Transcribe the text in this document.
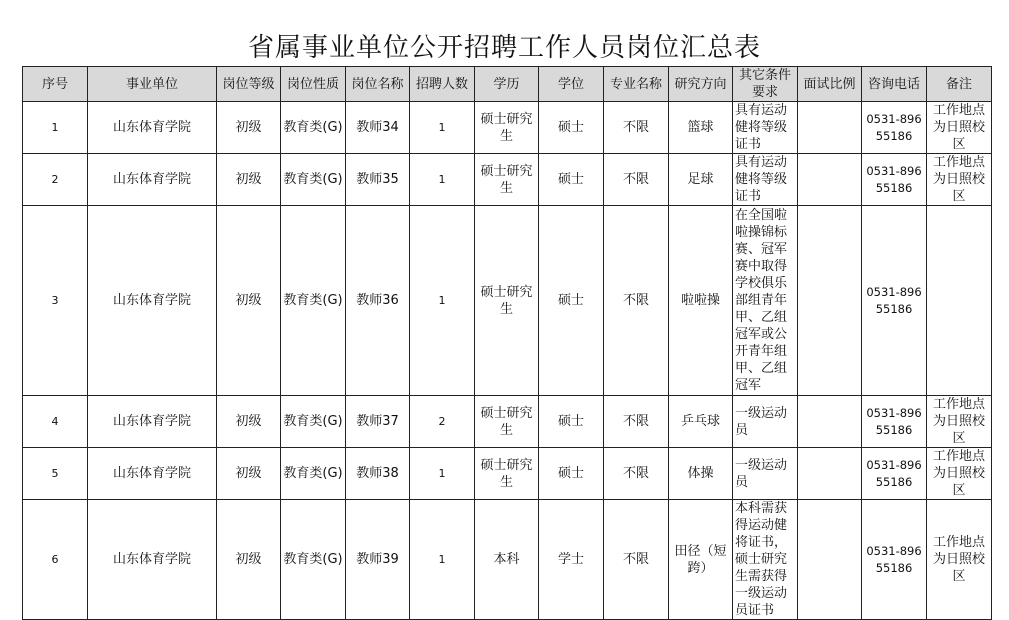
省属事业单位公开招聘工作人员岗位汇总表
序号	事业单位	岗位等级	岗位性质	岗位名称	招聘人数	学历	学位	专业名称	研究方向	其它条件要求	面试比例	咨询电话	备注
1	山东体育学院	初级	教育类(G)	教师34	1	硕士研究生	硕士	不限	篮球	具有运动健将等级证书		0531-89655186	工作地点为日照校区
2	山东体育学院	初级	教育类(G)	教师35	1	硕士研究生	硕士	不限	足球	具有运动健将等级证书		0531-89655186	工作地点为日照校区
3	山东体育学院	初级	教育类(G)	教师36	1	硕士研究生	硕士	不限	啦啦操	在全国啦啦操锦标赛、冠军赛中取得学校俱乐部组青年甲、乙组冠军或公开青年组甲、乙组冠军		0531-89655186	
4	山东体育学院	初级	教育类(G)	教师37	2	硕士研究生	硕士	不限	乒乓球	一级运动员		0531-89655186	工作地点为日照校区
5	山东体育学院	初级	教育类(G)	教师38	1	硕士研究生	硕士	不限	体操	一级运动员		0531-89655186	工作地点为日照校区
6	山东体育学院	初级	教育类(G)	教师39	1	本科	学士	不限	田径（短跨）	本科需获得运动健将证书，硕士研究生需获得一级运动员证书		0531-89655186	工作地点为日照校区
